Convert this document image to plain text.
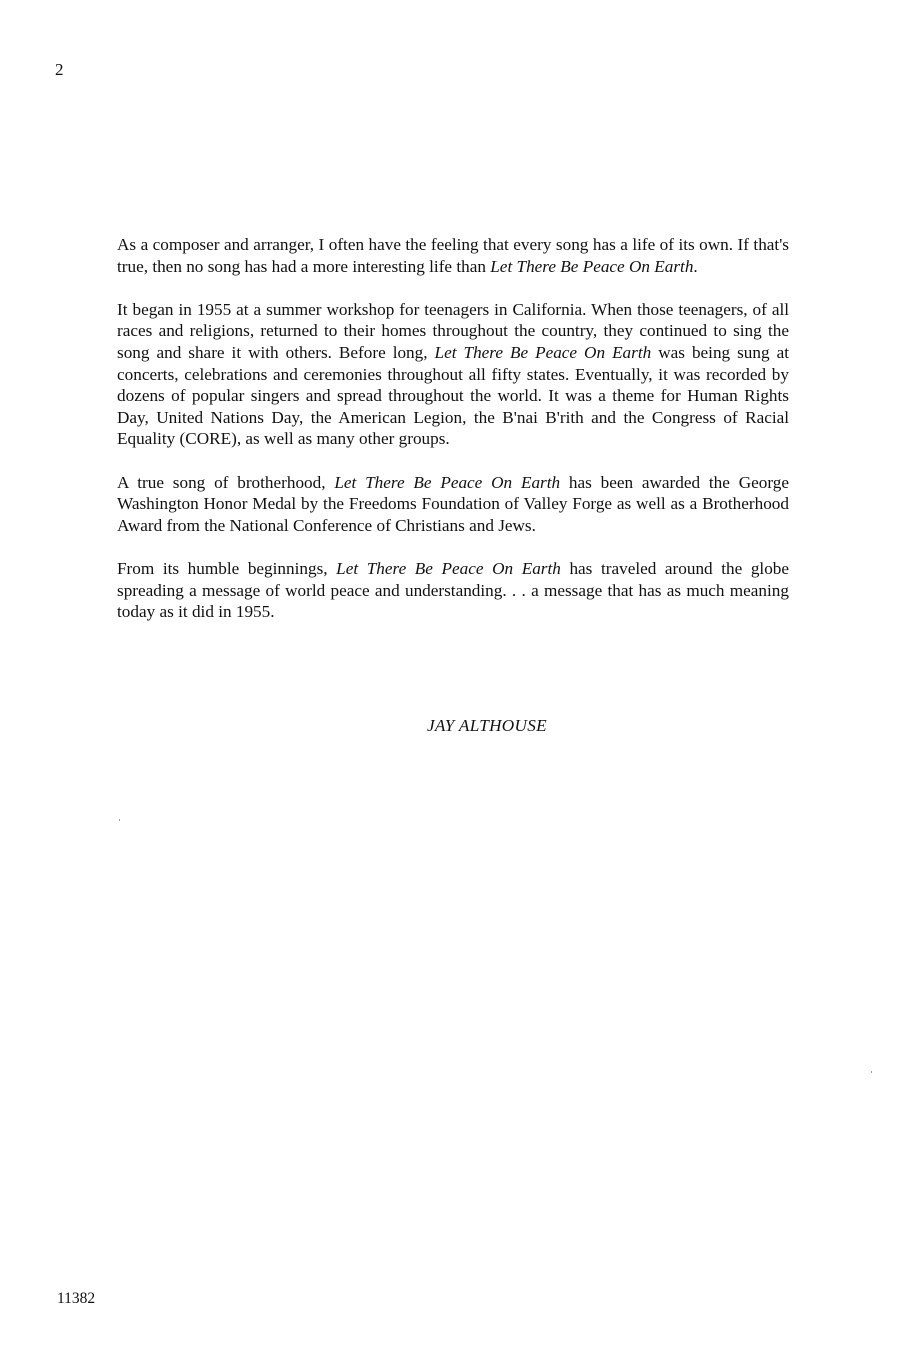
2

As a composer and arranger, I often have the feeling that every song has a life of its own. If that's true, then no song has had a more interesting life than Let There Be Peace On Earth.

It began in 1955 at a summer workshop for teenagers in California. When those teenagers, of all races and religions, returned to their homes throughout the country, they continued to sing the song and share it with others. Before long, Let There Be Peace On Earth was being sung at concerts, celebrations and ceremonies throughout all fifty states. Eventually, it was recorded by dozens of popular singers and spread throughout the world. It was a theme for Human Rights Day, United Nations Day, the American Legion, the B'nai B'rith and the Congress of Racial Equality (CORE), as well as many other groups.

A true song of brotherhood, Let There Be Peace On Earth has been awarded the George Washington Honor Medal by the Freedoms Foundation of Valley Forge as well as a Brotherhood Award from the National Conference of Christians and Jews.

From its humble beginnings, Let There Be Peace On Earth has traveled around the globe spreading a message of world peace and understanding. . . a message that has as much meaning today as it did in 1955.

JAY ALTHOUSE
11382
